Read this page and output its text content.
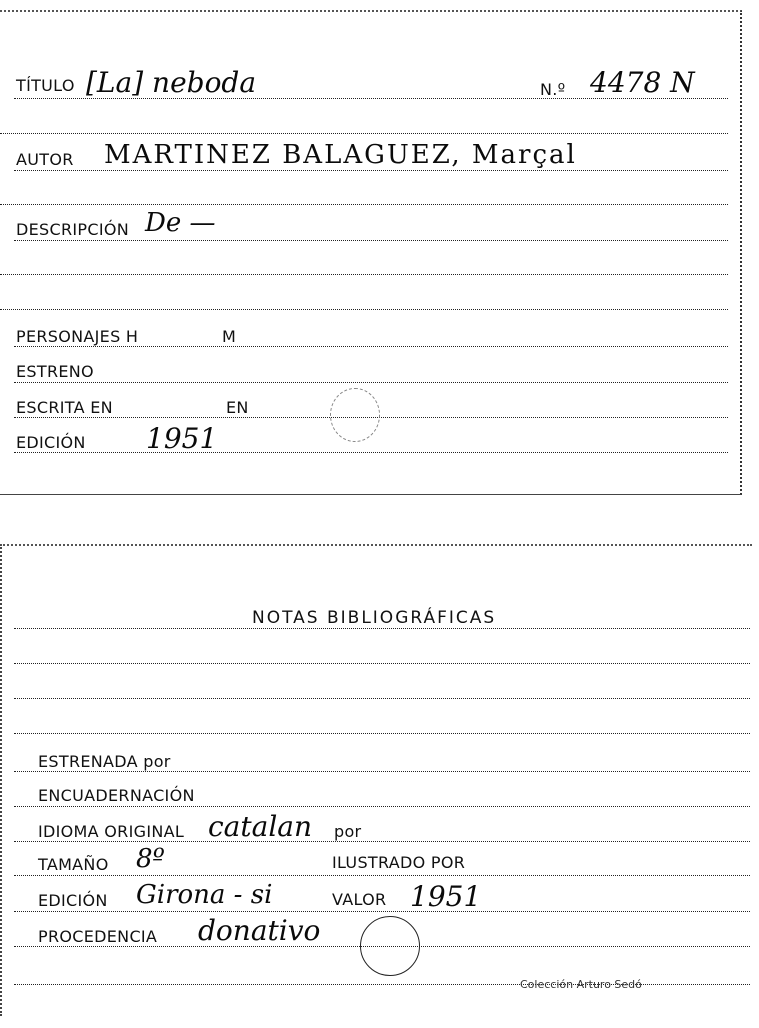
TÍTULO [La] neboda	N.º 4478 N
AUTOR MARTINEZ BALAGUEZ, Marçal
DESCRIPCIÓN De —
PERSONAJES H	M
ESTRENO
ESCRITA EN	EN
EDICIÓN 1951
NOTAS BIBLIOGRÁFICAS
ESTRENADA por
ENCUADERNACIÓN
IDIOMA ORIGINAL catalan por
TAMAÑO 8º	ILUSTRADO POR
EDICIÓN Girona - si	VALOR 1951
PROCEDENCIA donativo
Colección Arturo Sedó
